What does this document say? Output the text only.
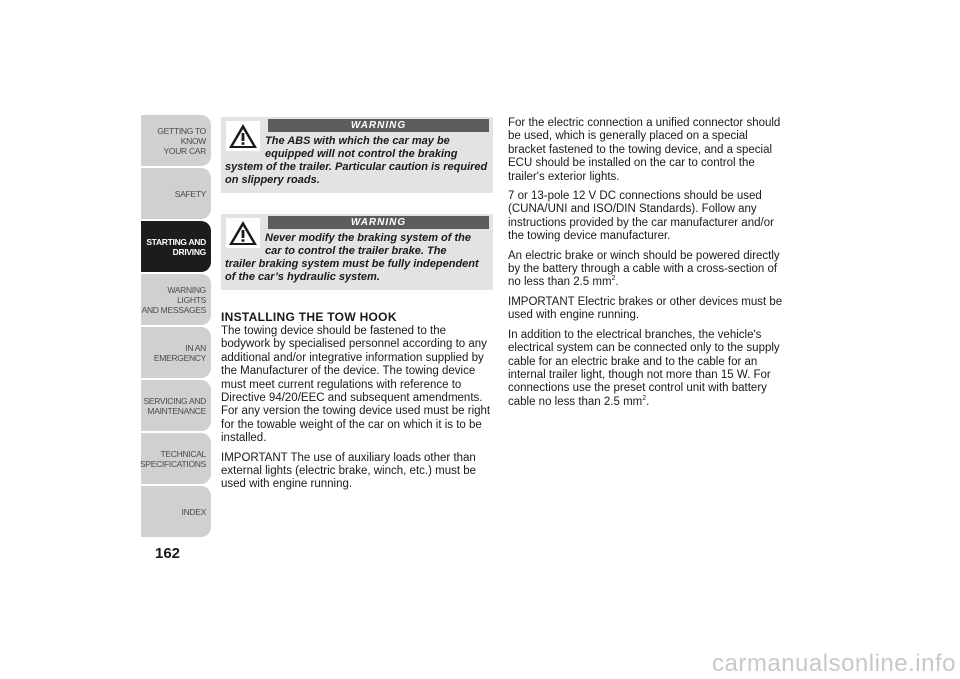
GETTING TO KNOW
YOUR CAR
SAFETY
STARTING AND
DRIVING
WARNING LIGHTS
AND MESSAGES
IN AN EMERGENCY
SERVICING AND
MAINTENANCE
TECHNICAL
SPECIFICATIONS
INDEX
162
WARNING
The ABS with which the car may be equipped will not control the braking
system of the trailer. Particular caution is required on slippery roads.
WARNING
Never modify the braking system of the car to control the trailer brake. The
trailer braking system must be fully independent of the car’s hydraulic system.
INSTALLING THE TOW HOOK

The towing device should be fastened to the bodywork by specialised personnel according to any additional and/or integrative information supplied by the Manufacturer of the device. The towing device must meet current regulations with reference to Directive 94/20/EEC and subsequent amendments. For any version the towing device used must be right for the towable weight of the car on which it is to be installed.

IMPORTANT The use of auxiliary loads other than external lights (electric brake, winch, etc.) must be used with engine running.

For the electric connection a unified connector should be used, which is generally placed on a special bracket fastened to the towing device, and a special ECU should be installed on the car to control the trailer's exterior lights.

7 or 13-pole 12 V DC connections should be used (CUNA/UNI and ISO/DIN Standards). Follow any instructions provided by the car manufacturer and/or the towing device manufacturer.

An electric brake or winch should be powered directly by the battery through a cable with a cross-section of no less than 2.5 $mm^2$.

IMPORTANT Electric brakes or other devices must be used with engine running.

In addition to the electrical branches, the vehicle's electrical system can be connected only to the supply cable for an electric brake and to the cable for an internal trailer light, though not more than 15 W. For connections use the preset control unit with battery cable no less than 2.5 $mm^2$.

carmanualsonline.info
